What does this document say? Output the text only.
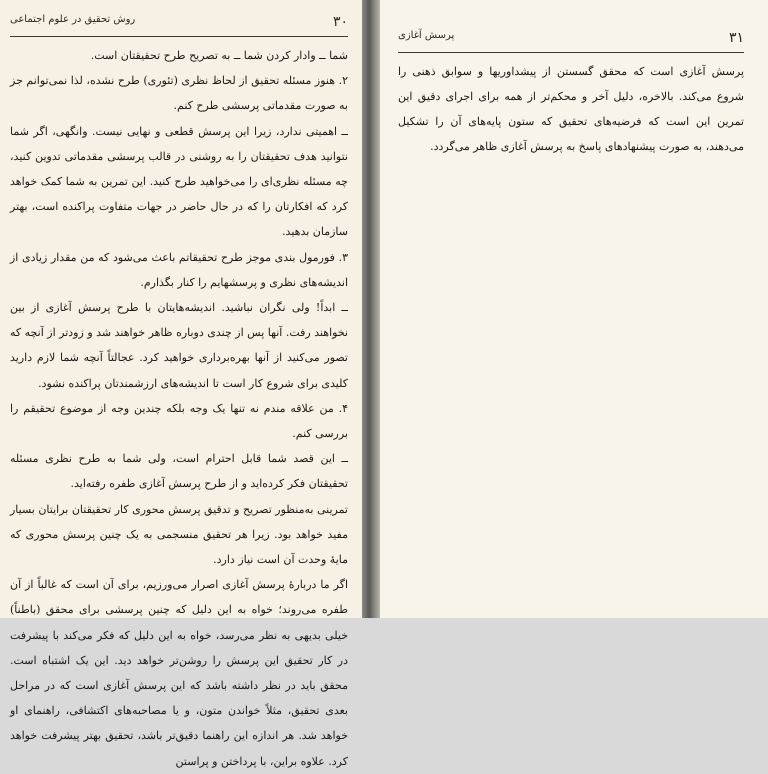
۳۰
روش تحقیق در علوم اجتماعی

شما ــ وادار کردن شما ــ به تصریح طرح تحقیقتان است.

۲. هنوز مسئله تحقیق از لحاظ نظری (تئوری) طرح نشده، لذا نمی‌توانم جز به صورت مقدماتی پرسشی طرح کنم.

ــ اهمیتی ندارد، زیرا این پرسش قطعی و نهایی نیست. وانگهی، اگر شما نتوانید هدف تحقیقتان را به روشنی در قالب پرسشی مقدماتی تدوین کنید، چه مسئله نظری‌ای را می‌خواهید طرح کنید. این تمرین به شما کمک خواهد کرد که افکارتان را که در حال حاضر در جهات متفاوت پراکنده است، بهتر سازمان بدهید.

۳. فورمول بندی موجز طرح تحقیقاتم باعث می‌شود که من مقدار زیادی از اندیشه‌های نظری و پرسشهایم را کنار بگذارم.

ــ ابداً! ولی نگران نباشید. اندیشه‌هایتان با طرح پرسش آغازی از بین نخواهند رفت. آنها پس از چندی دوباره ظاهر خواهند شد و زودتر از آنچه که تصور می‌کنید از آنها بهره‌برداری خواهید کرد. عجالتاً آنچه شما لازم دارید کلیدی برای شروع کار است تا اندیشه‌های ارزشمندتان پراکنده نشود.

۴. من علاقه مندم نه تنها یک وجه بلکه چندین وجه از موضوع تحقیقم را بررسی کنم.

ــ این قصد شما قابل احترام است، ولی شما به طرح نظری مسئله تحقیقتان فکر کرده‌اید و از طرح پرسش آغازی طفره رفته‌اید.

تمرینی به‌منظور تصریح و تدقیق پرسش محوری کار تحقیقتان برایتان بسیار مفید خواهد بود. زیرا هر تحقیق منسجمی به یک چنین پرسش محوری که مایهٔ وحدت آن است نیاز دارد.

اگر ما دربارهٔ پرسش آغازی اصرار می‌ورزیم، برای آن است که غالباً از آن طفره می‌روند؛ خواه به این دلیل که چنین پرسشی برای محقق (باطناً) خیلی بدیهی به نظر می‌رسد، خواه به این دلیل که فکر می‌کند با پیشرفت در کار تحقیق این پرسش را روشن‌تر خواهد دید. این یک اشتباه است. محقق باید در نظر داشته باشد که این پرسش آغازی است که در مراحل بعدی تحقیق، مثلاً خواندن متون، و یا مصاحبه‌های اکتشافی، راهنمای او خواهد شد. هر اندازه این راهنما دقیق‌تر باشد، تحقیق بهتر پیشرفت خواهد کرد. علاوه براین، با پرداختن و پراستن

۳۱
پرسش آغازی

پرسش آغازی است که محقق گسستن از پیشداوریها و سوابق ذهنی را شروع می‌کند. بالاخره، دلیل آخر و محکم‌تر از همه برای اجرای دقیق این تمرین این است که فرضیه‌های تحقیق که ستون پایه‌های آن را تشکیل می‌دهند، به صورت پیشنهادهای پاسخ به پرسش آغازی ظاهر می‌گردد.
